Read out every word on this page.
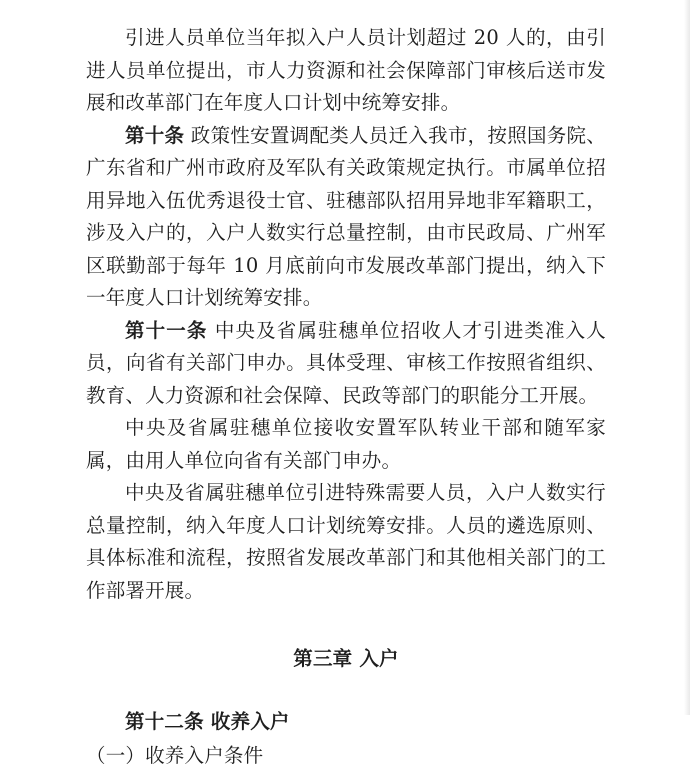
引进人员单位当年拟入户人员计划超过 20 人的，由引进人员单位提出，市人力资源和社会保障部门审核后送市发展和改革部门在年度人口计划中统筹安排。

第十条 政策性安置调配类人员迁入我市，按照国务院、广东省和广州市政府及军队有关政策规定执行。市属单位招用异地入伍优秀退役士官、驻穗部队招用异地非军籍职工，涉及入户的，入户人数实行总量控制，由市民政局、广州军区联勤部于每年 10 月底前向市发展改革部门提出，纳入下一年度人口计划统筹安排。

第十一条 中央及省属驻穗单位招收人才引进类准入人员，向省有关部门申办。具体受理、审核工作按照省组织、教育、人力资源和社会保障、民政等部门的职能分工开展。

中央及省属驻穗单位接收安置军队转业干部和随军家属，由用人单位向省有关部门申办。

中央及省属驻穗单位引进特殊需要人员，入户人数实行总量控制，纳入年度人口计划统筹安排。人员的遴选原则、具体标准和流程，按照省发展改革部门和其他相关部门的工作部署开展。

第三章 入户

第十二条 收养入户

（一）收养入户条件
